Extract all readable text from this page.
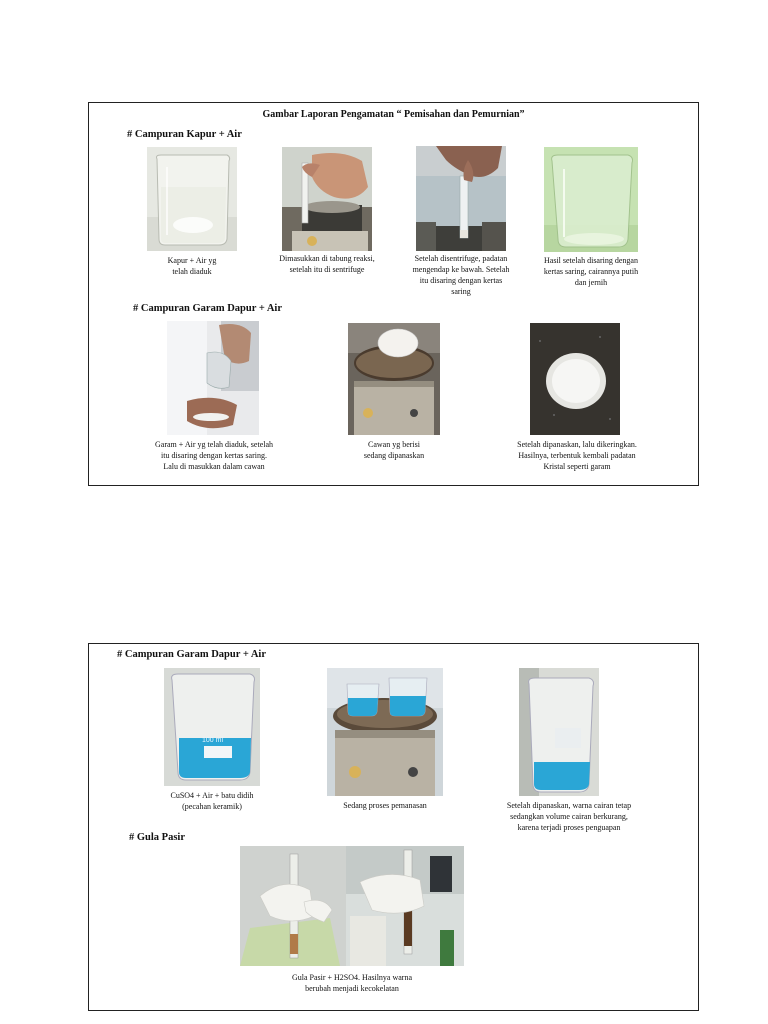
Gambar Laporan Pengamatan “ Pemisahan dan Pemurnian”
# Campuran Kapur + Air
Kapur + Air yg
telah diaduk
Dimasukkan di tabung reaksi,
setelah itu di sentrifuge
Setelah disentrifuge, padatan
mengendap ke bawah. Setelah
itu disaring dengan kertas
saring
Hasil setelah disaring dengan
kertas saring, cairannya putih
dan jernih
# Campuran Garam Dapur + Air
Garam + Air yg telah diaduk, setelah
itu disaring dengan kertas saring.
Lalu di masukkan dalam cawan
Cawan yg berisi
sedang dipanaskan
Setelah dipanaskan, lalu dikeringkan.
Hasilnya, terbentuk kembali padatan
Kristal seperti garam
# Campuran Garam Dapur + Air
100 ml
CuSO4 + Air + batu didih
(pecahan keramik)	Sedang proses pemanasan	Setelah dipanaskan, warna cairan tetap
sedangkan volume cairan berkurang,
karena terjadi proses penguapan
# Gula Pasir
Gula Pasir + H2SO4. Hasilnya warna
berubah menjadi kecokelatan
